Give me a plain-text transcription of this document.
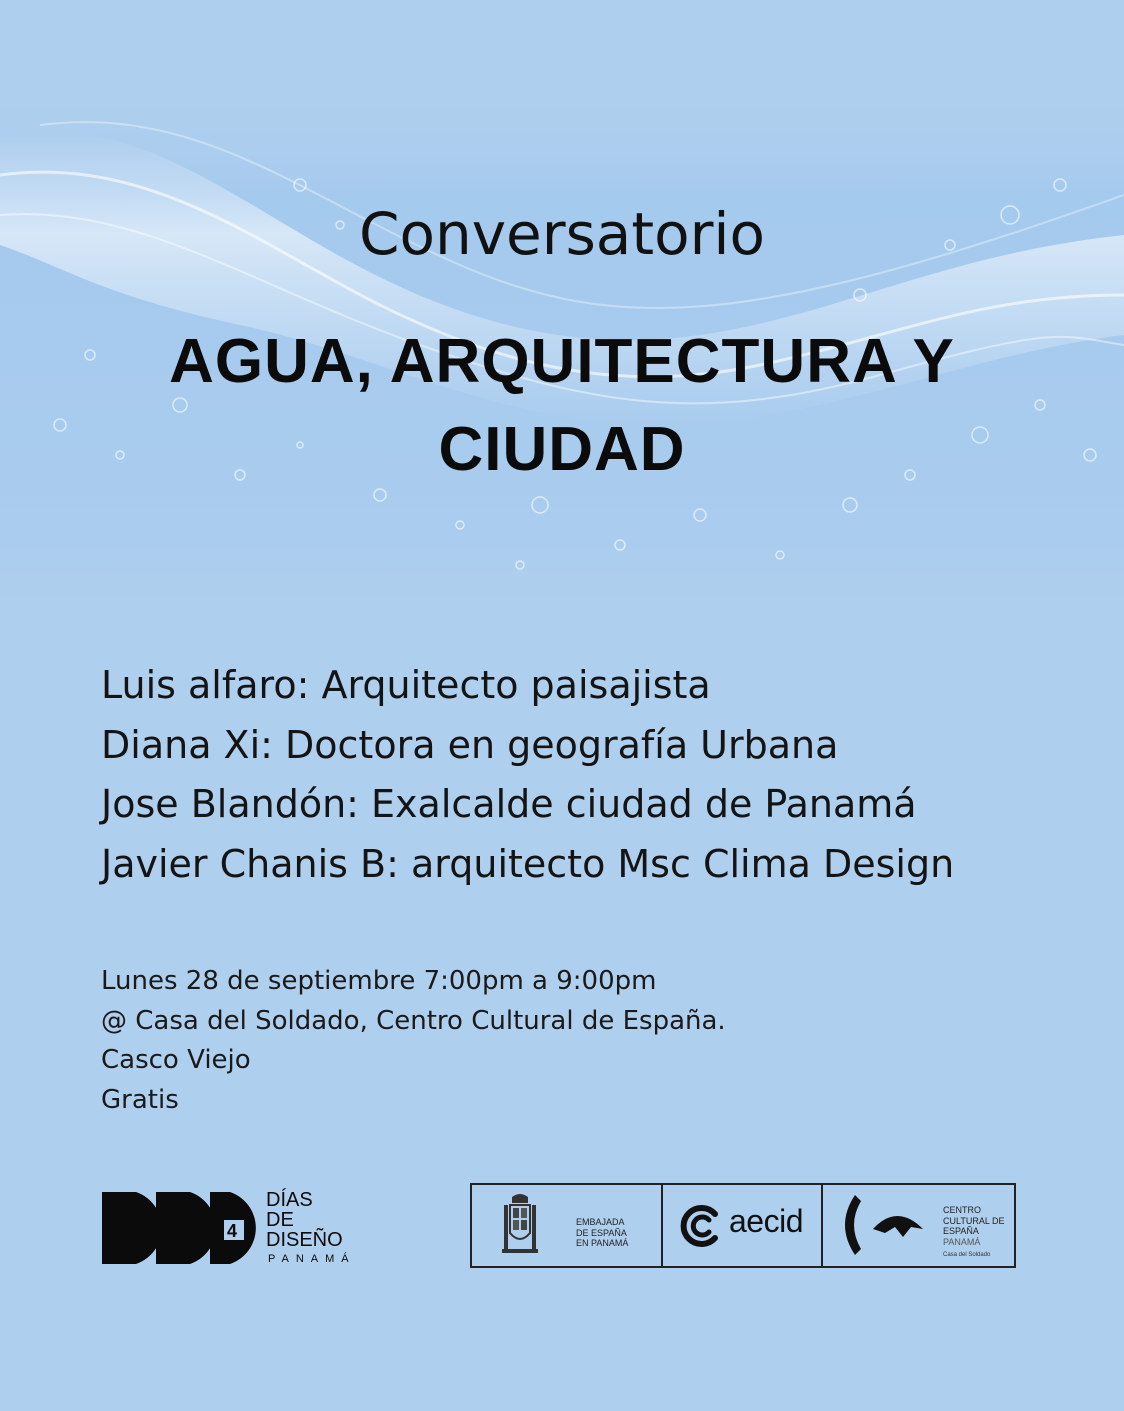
Conversatorio
AGUA, ARQUITECTURA Y
CIUDAD
Luis alfaro: Arquitecto paisajista
Diana Xi: Doctora en geografía Urbana
Jose Blandón: Exalcalde ciudad de Panamá
Javier Chanis B: arquitecto Msc Clima Design
Lunes 28 de septiembre 7:00pm a 9:00pm
@ Casa del Soldado, Centro Cultural de España.
Casco Viejo
Gratis
4
DÍAS
DE
DISEÑO
PANAMÁ
EMBAJADA
DE ESPAÑA
EN PANAMÁ
aecid	CENTRO
CULTURAL DE
ESPAÑA
PANAMÁ
Casa del Soldado
